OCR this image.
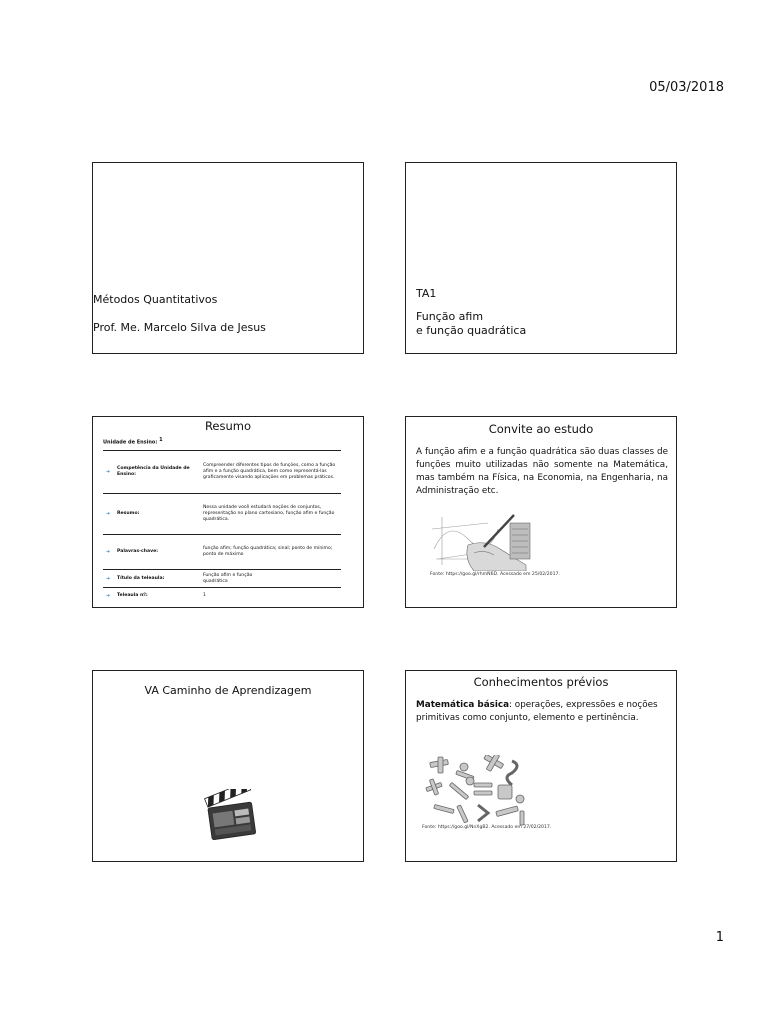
05/03/2018
Métodos Quantitativos
Prof. Me. Marcelo Silva de Jesus
TA1
Função afim
e função quadrática
Resumo
Unidade de Ensino: $^1$
➜
Competência da Unidade de Ensino:
Compreender diferentes tipos de funções, como a função afim e a função quadrática, bem como representá-las graficamente visando aplicações em problemas práticos.
➜	Resumo:
Nessa unidade você estudará noções de conjuntos, representação no plano cartesiano, função afim e função quadrática.
➜	Palavras-chave:
função afim; função quadrática; sinal; ponto de mínimo;
ponto de máximo
➜	Título da teleaula:
Função afim e função
quadrática
➜	Teleaula nº:	1
Convite ao estudo
A função afim e a função quadrática são duas classes de funções muito utilizadas não somente na Matemática, mas também na Física, na Economia, na Engenharia, na Administração etc.
Fonte: https://goo.gl/rhmN6D. Acessado em 25/02/2017.
VA Caminho de Aprendizagem
Conhecimentos prévios
Matemática básica: operações, expressões e noções primitivas como conjunto, elemento e pertinência.
Fonte: https://goo.gl/NnXgB2. Acessado em 27/02/2017.
1
